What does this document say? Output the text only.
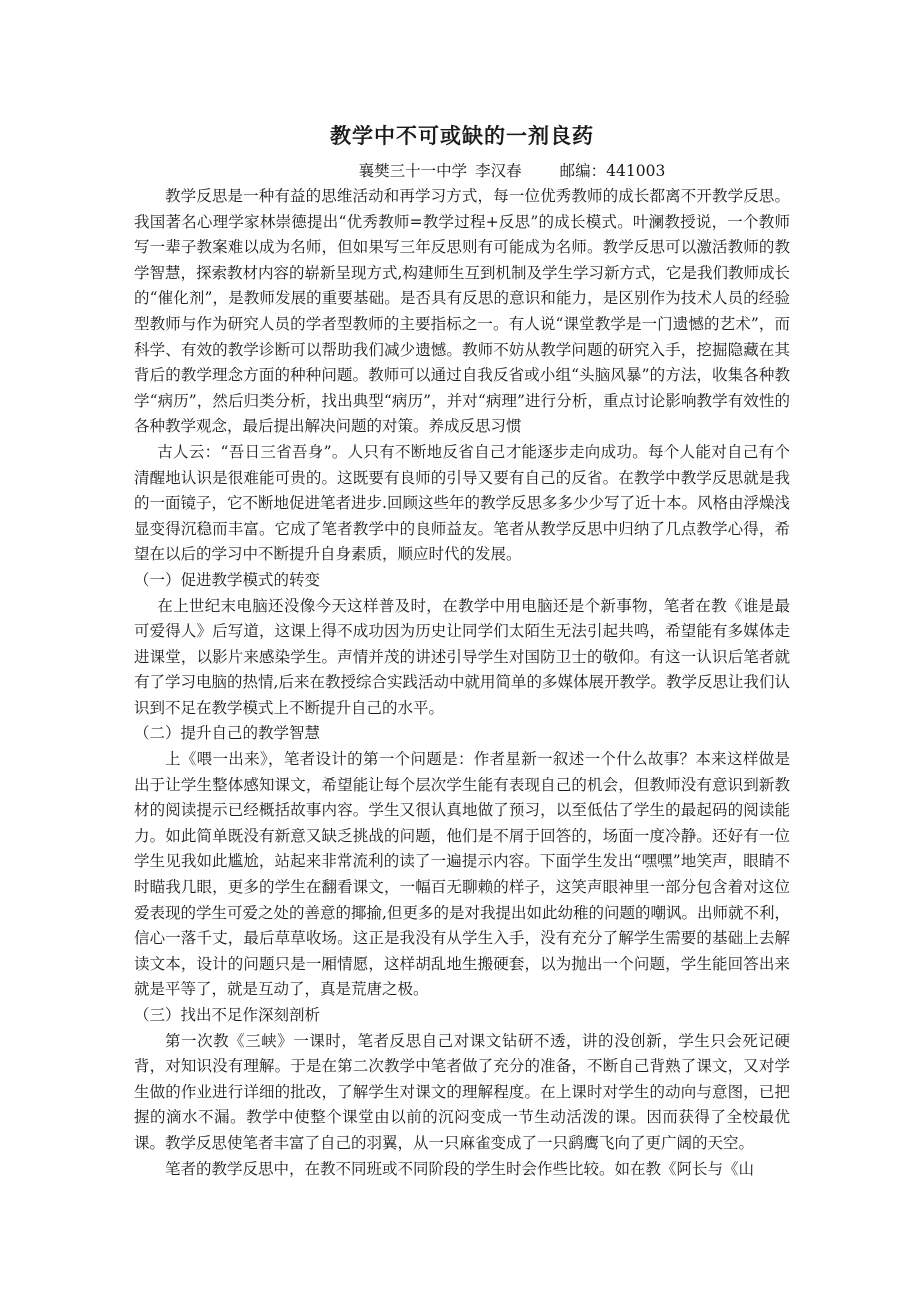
教学中不可或缺的一剂良药
襄樊三十一中学 李汉春 邮编：441003

教学反思是一种有益的思维活动和再学习方式，每一位优秀教师的成长都离不开教学反思。我国著名心理学家林崇德提出“优秀教师=教学过程+反思”的成长模式。叶澜教授说，一个教师写一辈子教案难以成为名师，但如果写三年反思则有可能成为名师。教学反思可以激活教师的教学智慧，探索教材内容的崭新呈现方式,构建师生互到机制及学生学习新方式，它是我们教师成长的“催化剂”，是教师发展的重要基础。是否具有反思的意识和能力，是区别作为技术人员的经验型教师与作为研究人员的学者型教师的主要指标之一。有人说“课堂教学是一门遗憾的艺术”，而科学、有效的教学诊断可以帮助我们减少遗憾。教师不妨从教学问题的研究入手，挖掘隐藏在其背后的教学理念方面的种种问题。教师可以通过自我反省或小组“头脑风暴”的方法，收集各种教学“病历”，然后归类分析，找出典型“病历”，并对“病理”进行分析，重点讨论影响教学有效性的各种教学观念，最后提出解决问题的对策。养成反思习惯

古人云：“吾日三省吾身”。人只有不断地反省自己才能逐步走向成功。每个人能对自己有个清醒地认识是很难能可贵的。这既要有良师的引导又要有自己的反省。在教学中教学反思就是我的一面镜子，它不断地促进笔者进步.回顾这些年的教学反思多多少少写了近十本。风格由浮燥浅显变得沉稳而丰富。它成了笔者教学中的良师益友。笔者从教学反思中归纳了几点教学心得，希望在以后的学习中不断提升自身素质，顺应时代的发展。

（一）促进教学模式的转变

在上世纪末电脑还没像今天这样普及时，在教学中用电脑还是个新事物，笔者在教《谁是最可爱得人》后写道，这课上得不成功因为历史让同学们太陌生无法引起共鸣，希望能有多媒体走进课堂，以影片来感染学生。声情并茂的讲述引导学生对国防卫士的敬仰。有这一认识后笔者就有了学习电脑的热情,后来在教授综合实践活动中就用简单的多媒体展开教学。教学反思让我们认识到不足在教学模式上不断提升自己的水平。

（二）提升自己的教学智慧

上《喂一出来》，笔者设计的第一个问题是：作者星新一叙述一个什么故事？本来这样做是出于让学生整体感知课文，希望能让每个层次学生能有表现自己的机会，但教师没有意识到新教材的阅读提示已经概括故事内容。学生又很认真地做了预习，以至低估了学生的最起码的阅读能力。如此简单既没有新意又缺乏挑战的问题，他们是不屑于回答的，场面一度冷静。还好有一位学生见我如此尴尬，站起来非常流利的读了一遍提示内容。下面学生发出“嘿嘿”地笑声，眼睛不时瞄我几眼，更多的学生在翻看课文，一幅百无聊赖的样子，这笑声眼神里一部分包含着对这位爱表现的学生可爱之处的善意的揶揄,但更多的是对我提出如此幼稚的问题的嘲讽。出师就不利，信心一落千丈，最后草草收场。这正是我没有从学生入手，没有充分了解学生需要的基础上去解读文本，设计的问题只是一厢情愿，这样胡乱地生搬硬套，以为抛出一个问题，学生能回答出来就是平等了，就是互动了，真是荒唐之极。

（三）找出不足作深刻剖析

第一次教《三峡》一课时，笔者反思自己对课文钻研不透，讲的没创新，学生只会死记硬背，对知识没有理解。于是在第二次教学中笔者做了充分的准备，不断自己背熟了课文，又对学生做的作业进行详细的批改，了解学生对课文的理解程度。在上课时对学生的动向与意图，已把握的滴水不漏。教学中使整个课堂由以前的沉闷变成一节生动活泼的课。因而获得了全校最优课。教学反思使笔者丰富了自己的羽翼，从一只麻雀变成了一只鹞鹰飞向了更广阔的天空。

笔者的教学反思中，在教不同班或不同阶段的学生时会作些比较。如在教《阿长与《山
